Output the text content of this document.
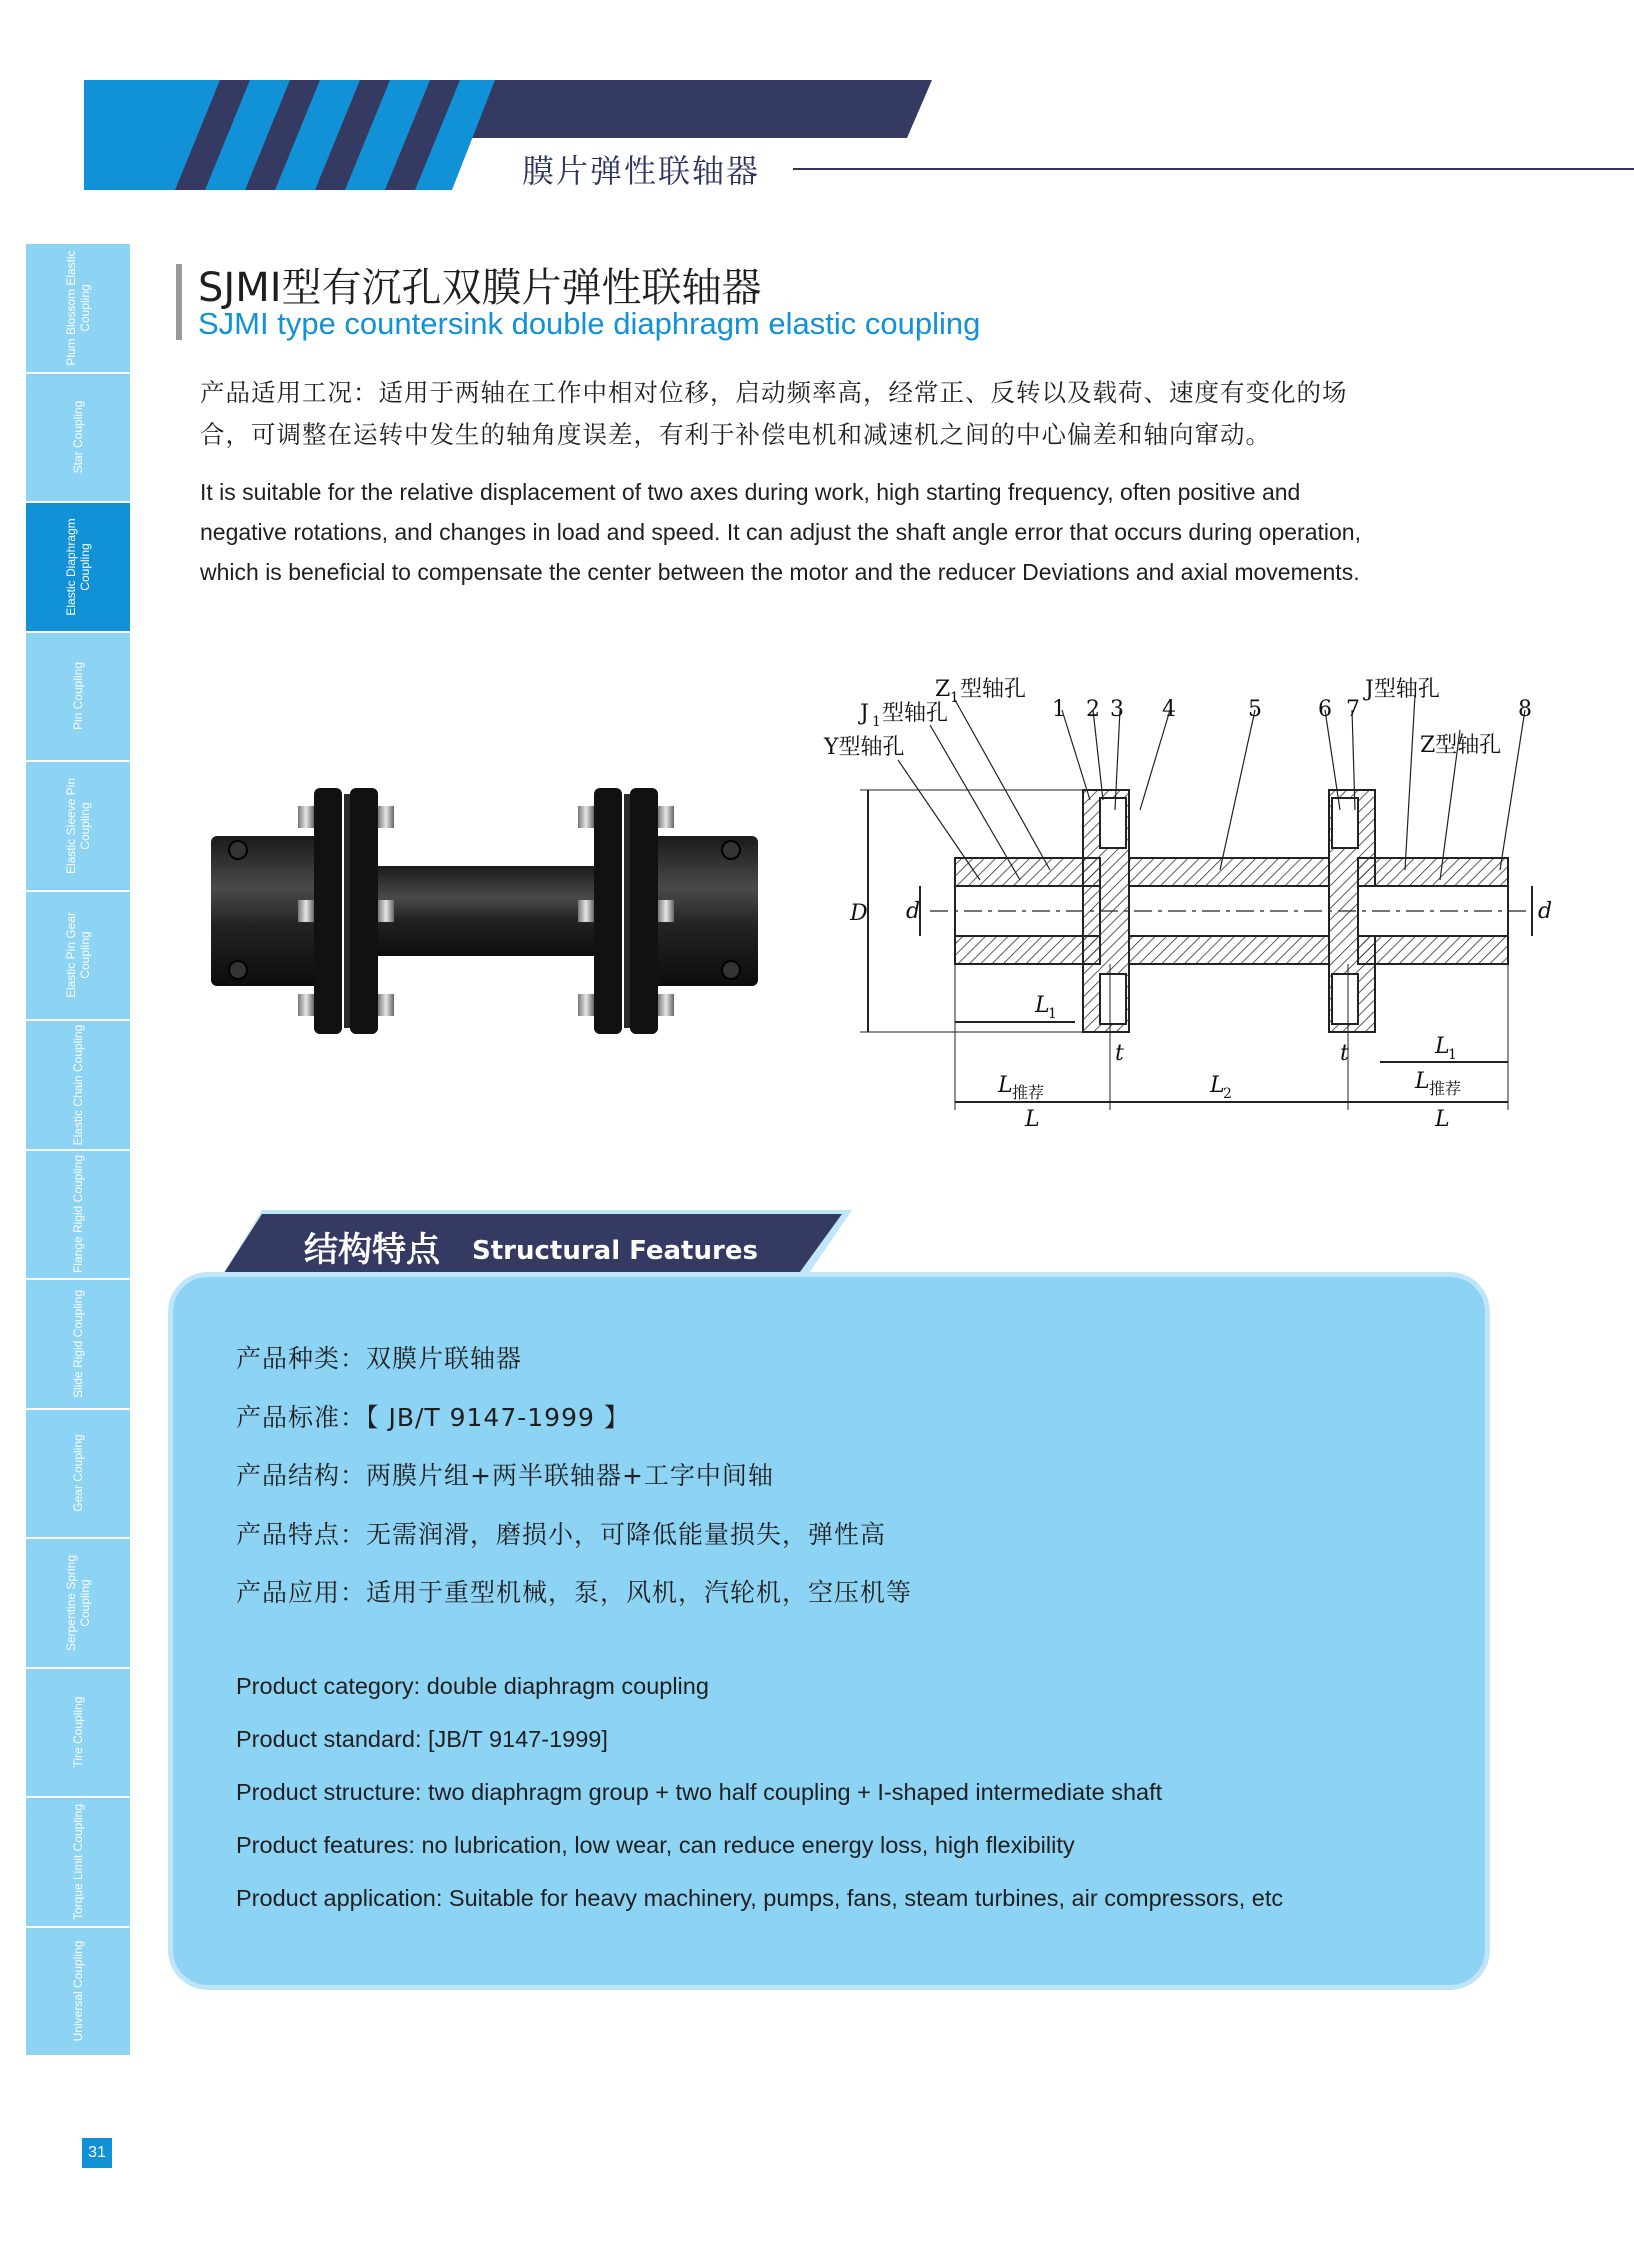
膜片弹性联轴器
Plum Blossom Elastic Coupling
Star Coupling
Elastic Diaphragm Coupling
Pin Coupling
Elastic Sleeve Pin Coupling
Elastic Pin Gear Coupling
Elastic Chain Coupling
Flange Rigid Coupling
Slide Rigid Coupling
Gear Coupling
Serpentine Spring Coupling
Tire Coupling
Torque Limit Coupling
Universal Coupling
31
SJMI型有沉孔双膜片弹性联轴器
SJMI type countersink double diaphragm elastic coupling
产品适用工况：适用于两轴在工作中相对位移，启动频率高，经常正、反转以及载荷、速度有变化的场
合，可调整在运转中发生的轴角度误差，有利于补偿电机和减速机之间的中心偏差和轴向窜动。
It is suitable for the relative displacement of two axes during work, high starting frequency, often positive and
negative rotations, and changes in load and speed. It can adjust the shaft angle error that occurs during operation,
which is beneficial to compensate the center between the motor and the reducer Deviations and axial movements.
Z 1 型轴孔
J 1 型轴孔
Y型轴孔
J型轴孔
Z型轴孔
1 2 3 4	5	6 7	8
D d	d
L
1
L
1
t	t
L
2
L 推荐	L 推荐
L	L
结构特点 Structural Features
产品种类：双膜片联轴器
产品标准：【 JB/T 9147-1999 】
产品结构：两膜片组+两半联轴器+工字中间轴
产品特点：无需润滑，磨损小，可降低能量损失，弹性高
产品应用：适用于重型机械，泵，风机，汽轮机，空压机等
Product category: double diaphragm coupling
Product standard: [JB/T 9147-1999]
Product structure: two diaphragm group + two half coupling + I-shaped intermediate shaft
Product features: no lubrication, low wear, can reduce energy loss, high flexibility
Product application: Suitable for heavy machinery, pumps, fans, steam turbines, air compressors, etc
